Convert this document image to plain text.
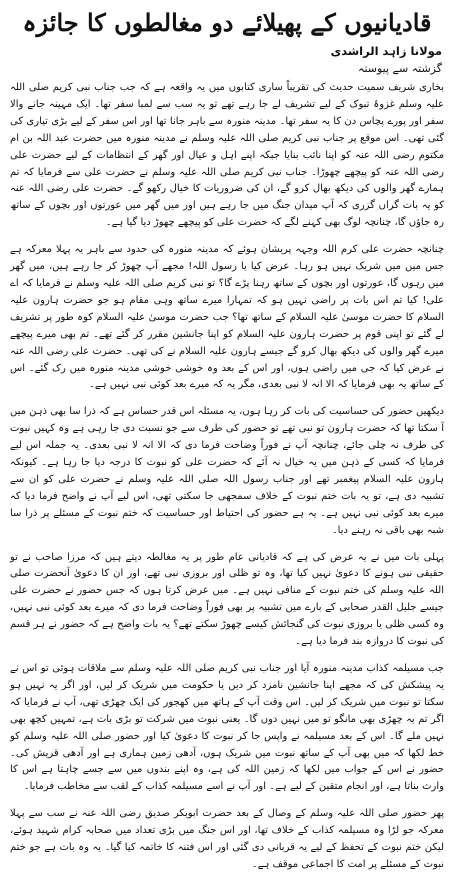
قادیانیوں کے پھیلائے دو مغالطوں کا جائزہ
مولانا زاہد الراشدی
گزشتہ سے پیوستہ

بخاری شریف سمیت حدیث کی تقریباً ساری کتابوں میں یہ واقعہ ہے کہ جب جناب نبی کریم صلی اللہ علیہ وسلم غزوۂ تبوک کے لیے تشریف لے جا رہے تھے تو یہ سب سے لمبا سفر تھا۔ ایک مہینہ جانے والا سفر اور پورے پچاس دن کا یہ سفر تھا۔ مدینہ منورہ سے باہر جانا تھا اور اس سفر کے لیے بڑی تیاری کی گئی تھی۔ اس موقع پر جناب نبی کریم صلی اللہ علیہ وسلم نے مدینہ منورہ میں حضرت عبد اللہ بن ام مکتوم رضی اللہ عنہ کو اپنا نائب بنایا جبکہ اپنے اہل و عیال اور گھر کے انتظامات کے لیے حضرت علی رضی اللہ عنہ کو پیچھے چھوڑا۔ جناب نبی کریم صلی اللہ علیہ وسلم نے حضرت علی سے فرمایا کہ تم ہمارے گھر والوں کی دیکھ بھال کرو گے، ان کی ضروریات کا خیال رکھو گے۔ حضرت علی رضی اللہ عنہ کو یہ بات گراں گزری کہ آپ میدان جنگ میں جا رہے ہیں اور میں گھر میں عورتوں اور بچوں کے ساتھ رہ جاؤں گا، چنانچہ لوگ بھی کہنے لگے کہ حضرت علی کو پیچھے چھوڑ دیا گیا ہے۔

چنانچہ حضرت علی کرم اللہ وجہہ پریشان ہوئے کہ مدینہ منورہ کی حدود سے باہر یہ پہلا معرکہ ہے جس میں میں شریک نہیں ہو رہا۔ عرض کیا یا رسول اللہ! مجھے آپ چھوڑ کر جا رہے ہیں، میں گھر میں رہوں گا، عورتوں اور بچوں کے ساتھ رہنا پڑے گا؟ تو نبی کریم صلی اللہ علیہ وسلم نے فرمایا کہ اے علی! کیا تم اس بات پر راضی نہیں ہو کہ تمہارا میرے ساتھ وہی مقام ہو جو حضرت ہارون علیہ السلام کا حضرت موسیٰ علیہ السلام کے ساتھ تھا؟ جب حضرت موسیٰ علیہ السلام کوہ طور پر تشریف لے گئے تو اپنی قوم پر حضرت ہارون علیہ السلام کو اپنا جانشین مقرر کر گئے تھے۔ تم بھی میرے پیچھے میرے گھر والوں کی دیکھ بھال کرو گے جیسے ہارون علیہ السلام نے کی تھی۔ حضرت علی رضی اللہ عنہ نے عرض کیا کہ جی میں راضی ہوں، اور اس کے بعد وہ خوشی خوشی مدینہ منورہ میں رک گئے۔ اس کے ساتھ یہ بھی فرمایا کہ الا انہ لا نبی بعدی، مگر یہ کہ میرے بعد کوئی نبی نہیں ہے۔

دیکھیں حضور کی حساسیت کی بات کر رہا ہوں، یہ مسئلہ اس قدر حساس ہے کہ ذرا سا بھی ذہن میں آ سکتا تھا کہ حضرت ہارون تو نبی تھے تو حضور کی طرف سے جو نسبت دی جا رہی ہے وہ کہیں نبوت کی طرف نہ چلی جائے، چنانچہ آپ نے فوراً وضاحت فرما دی کہ الا انہ لا نبی بعدی۔ یہ جملہ اس لیے فرمایا کہ کسی کے ذہن میں یہ خیال نہ آئے کہ حضرت علی کو نبوت کا درجہ دیا جا رہا ہے۔ کیونکہ ہارون علیہ السلام پیغمبر تھے اور جناب رسول اللہ صلی اللہ علیہ وسلم نے حضرت علی کو ان سے تشبیہ دی ہے، تو یہ بات ختم نبوت کے خلاف سمجھی جا سکتی تھی، اس لیے آپ نے واضح فرما دیا کہ میرے بعد کوئی نبی نہیں ہے۔ یہ ہے حضور کی احتیاط اور حساسیت کہ ختم نبوت کے مسئلے پر ذرا سا شبہ بھی باقی نہ رہنے دیا۔

پہلی بات میں نے یہ عرض کی ہے کہ قادیانی عام طور پر یہ مغالطہ دیتے ہیں کہ مرزا صاحب نے تو حقیقی نبی ہونے کا دعویٰ نہیں کیا تھا، وہ تو ظلی اور بروزی نبی تھے، اور ان کا دعویٰ آنحضرت صلی اللہ علیہ وسلم کی ختم نبوت کے منافی نہیں ہے۔ میں عرض کرتا ہوں کہ جس حضور نے حضرت علی جیسے جلیل القدر صحابی کے بارے میں تشبیہ پر بھی فوراً وضاحت فرما دی کہ میرے بعد کوئی نبی نہیں، وہ کسی ظلی یا بروزی نبوت کی گنجائش کیسے چھوڑ سکتے تھے؟ یہ بات واضح ہے کہ حضور نے ہر قسم کی نبوت کا دروازہ بند فرما دیا ہے۔

جب مسیلمہ کذاب مدینہ منورہ آیا اور جناب نبی کریم صلی اللہ علیہ وسلم سے ملاقات ہوئی تو اس نے یہ پیشکش کی کہ مجھے اپنا جانشین نامزد کر دیں یا حکومت میں شریک کر لیں، اور اگر یہ نہیں ہو سکتا تو نبوت میں شریک کر لیں۔ اس وقت آپ کے ہاتھ میں کھجور کی ایک چھڑی تھی، آپ نے فرمایا کہ اگر تم یہ چھڑی بھی مانگو تو میں نہیں دوں گا۔ یعنی نبوت میں شرکت تو بڑی بات ہے، تمہیں کچھ بھی نہیں ملے گا۔ اس کے بعد مسیلمہ نے واپس جا کر نبوت کا دعویٰ کیا اور حضور صلی اللہ علیہ وسلم کو خط لکھا کہ میں بھی آپ کے ساتھ نبوت میں شریک ہوں، آدھی زمین ہماری ہے اور آدھی قریش کی۔ حضور نے اس کے جواب میں لکھا کہ زمین اللہ کی ہے، وہ اپنے بندوں میں سے جسے چاہتا ہے اس کا وارث بناتا ہے، اور انجام متقین کے لیے ہے۔ اور آپ نے اسے مسیلمہ کذاب کے لقب سے مخاطب فرمایا۔

پھر حضور صلی اللہ علیہ وسلم کے وصال کے بعد حضرت ابوبکر صدیق رضی اللہ عنہ نے سب سے پہلا معرکہ جو لڑا وہ مسیلمہ کذاب کے خلاف تھا، اور اس جنگ میں بڑی تعداد میں صحابہ کرام شہید ہوئے، لیکن ختم نبوت کے تحفظ کے لیے یہ قربانی دی گئی اور اس فتنہ کا خاتمہ کیا گیا۔ یہ وہ بات ہے جو ختم نبوت کے مسئلے پر امت کا اجماعی موقف ہے۔
